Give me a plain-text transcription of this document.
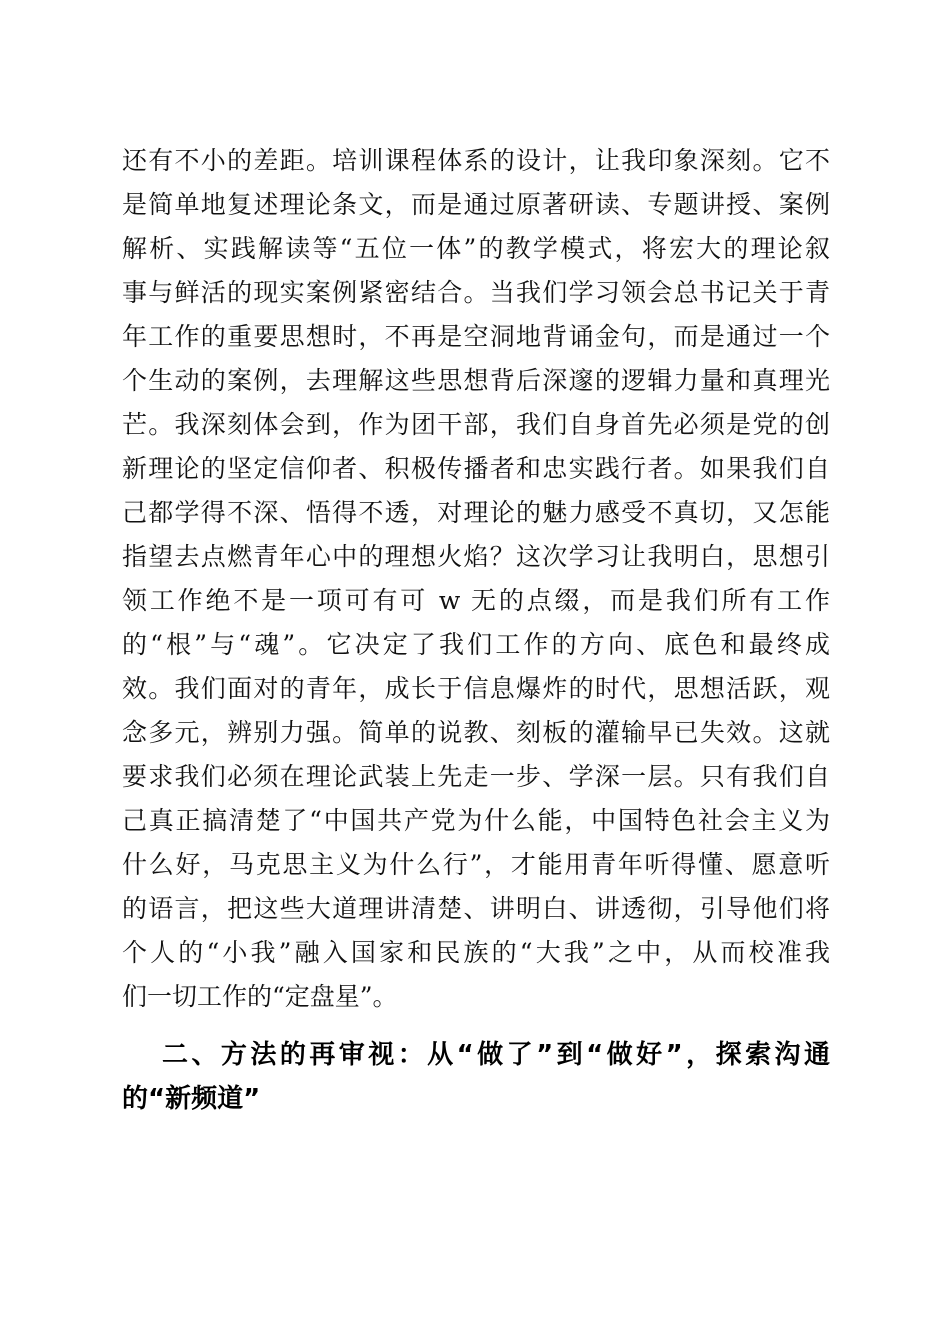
还有不小的差距。培训课程体系的设计，让我印象深刻。它不
是简单地复述理论条文，而是通过原著研读、专题讲授、案例
解析、实践解读等“五位一体”的教学模式，将宏大的理论叙
事与鲜活的现实案例紧密结合。当我们学习领会总书记关于青
年工作的重要思想时，不再是空洞地背诵金句，而是通过一个
个生动的案例，去理解这些思想背后深邃的逻辑力量和真理光
芒。我深刻体会到，作为团干部，我们自身首先必须是党的创
新理论的坚定信仰者、积极传播者和忠实践行者。如果我们自
己都学得不深、悟得不透，对理论的魅力感受不真切，又怎能
指望去点燃青年心中的理想火焰？这次学习让我明白，思想引
领工作绝不是一项可有可 w 无的点缀，而是我们所有工作
的“根”与“魂”。它决定了我们工作的方向、底色和最终成
效。我们面对的青年，成长于信息爆炸的时代，思想活跃，观
念多元，辨别力强。简单的说教、刻板的灌输早已失效。这就
要求我们必须在理论武装上先走一步、学深一层。只有我们自
己真正搞清楚了“中国共产党为什么能，中国特色社会主义为
什么好，马克思主义为什么行”，才能用青年听得懂、愿意听
的语言，把这些大道理讲清楚、讲明白、讲透彻，引导他们将
个人的“小我”融入国家和民族的“大我”之中，从而校准我
们一切工作的“定盘星”。
二、方法的再审视：从“做了”到“做好”，探索沟通
的“新频道”
